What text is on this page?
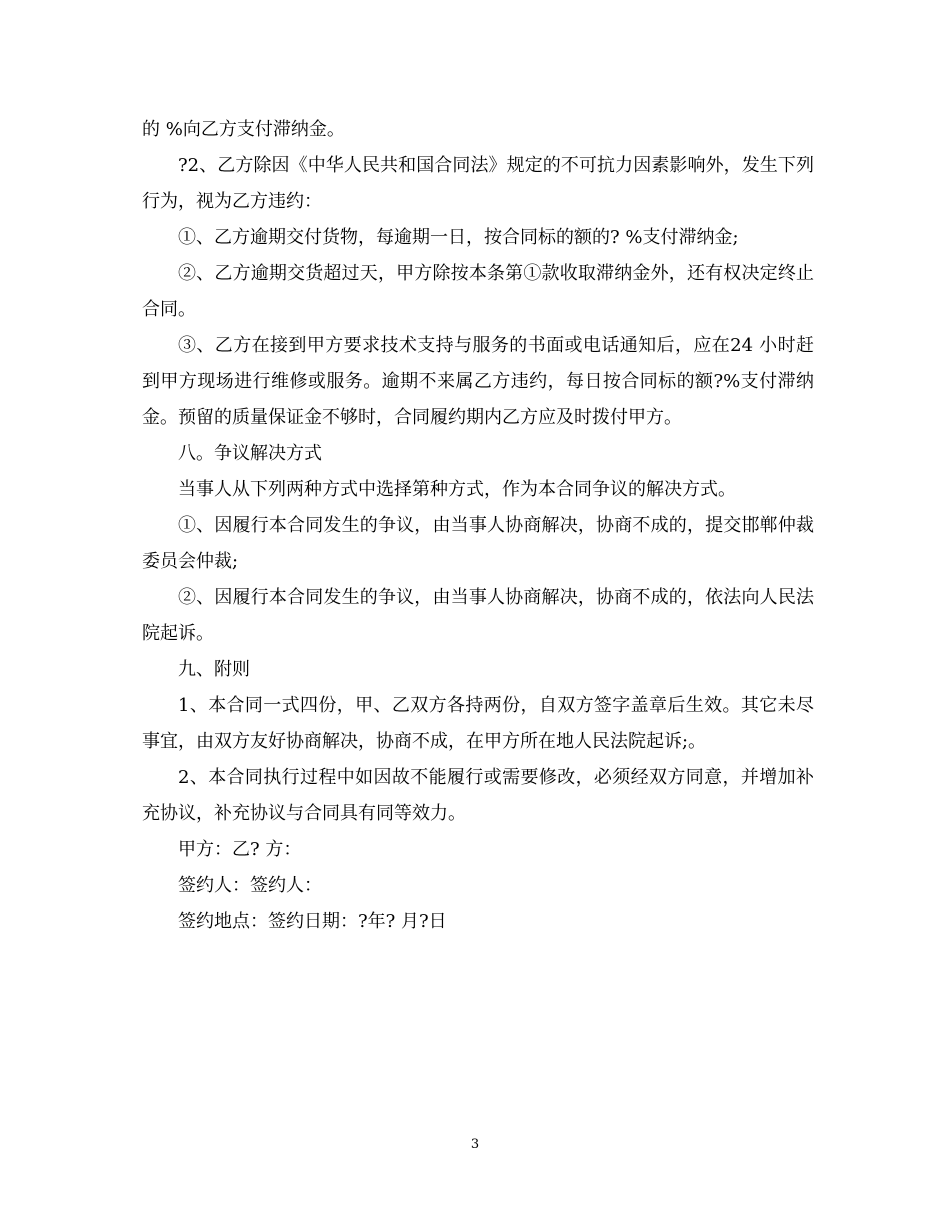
的 %向乙方支付滞纳金。

?2、乙方除因《中华人民共和国合同法》规定的不可抗力因素影响外，发生下列行为，视为乙方违约：

①、乙方逾期交付货物，每逾期一日，按合同标的额的? %支付滞纳金;

②、乙方逾期交货超过天，甲方除按本条第①款收取滞纳金外，还有权决定终止合同。

③、乙方在接到甲方要求技术支持与服务的书面或电话通知后，应在24 小时赶到甲方现场进行维修或服务。逾期不来属乙方违约，每日按合同标的额?%支付滞纳金。预留的质量保证金不够时，合同履约期内乙方应及时拨付甲方。

八。争议解决方式

当事人从下列两种方式中选择第种方式，作为本合同争议的解决方式。

①、因履行本合同发生的争议，由当事人协商解决，协商不成的，提交邯郸仲裁委员会仲裁;

②、因履行本合同发生的争议，由当事人协商解决，协商不成的，依法向人民法院起诉。

九、附则

1、本合同一式四份，甲、乙双方各持两份，自双方签字盖章后生效。其它未尽事宜，由双方友好协商解决，协商不成，在甲方所在地人民法院起诉;。

2、本合同执行过程中如因故不能履行或需要修改，必须经双方同意，并增加补充协议，补充协议与合同具有同等效力。

甲方：乙? 方：

签约人：签约人：

签约地点：签约日期：?年? 月?日

3
